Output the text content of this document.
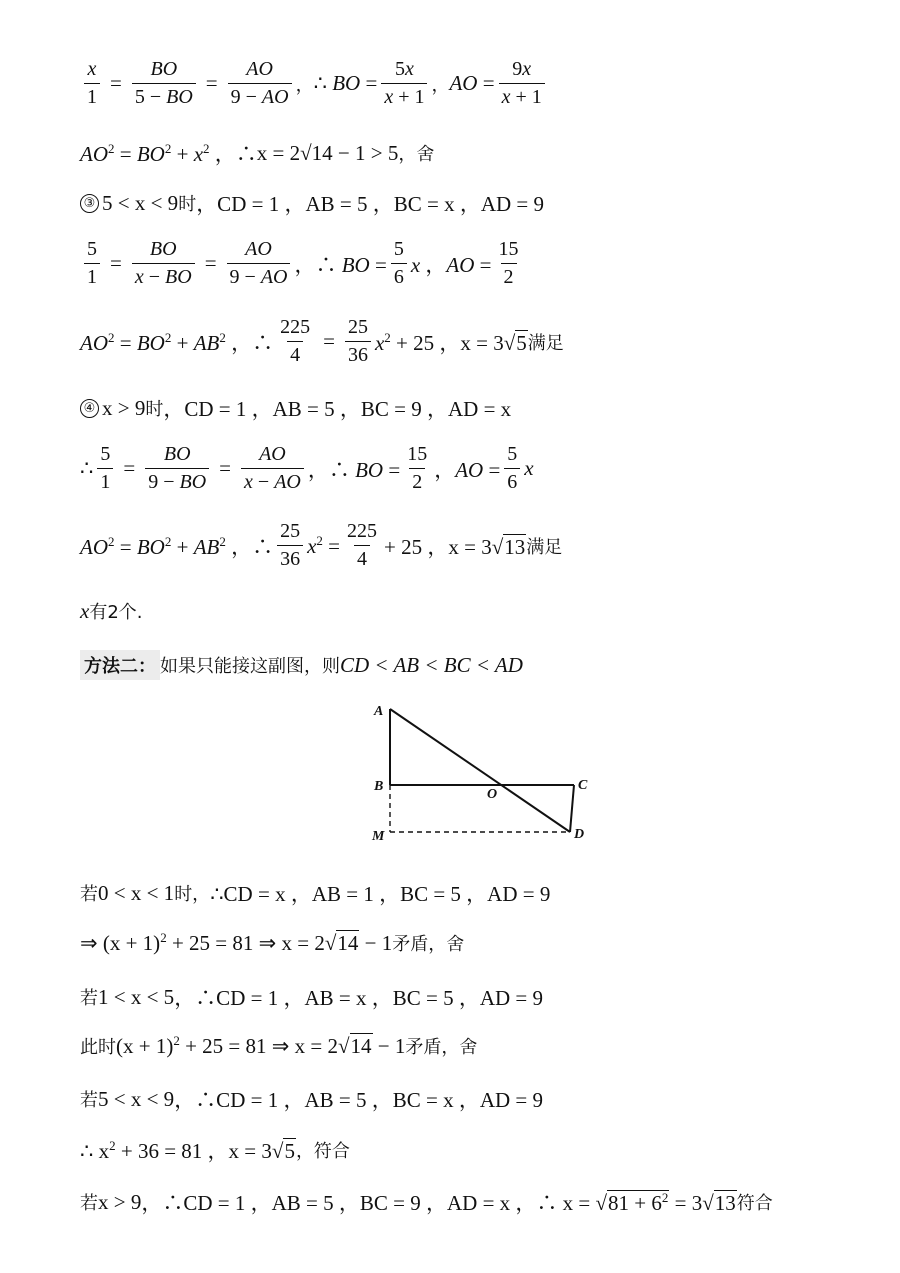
$\frac{x}{1} = \frac{BO}{5 - BO} = \frac{AO}{9 - AO}$ ， ∴ BO = $\frac{5x}{x + 1}$ ， AO = $\frac{9x}{x + 1}$
$AO^2 = BO^2 + x^2$ ，∴ x = 2√14 − 1 > 5 ，舍
③ 5 < x < 9 时 ，CD = 1 ，AB = 5 ，BC = x ，AD = 9
$\frac{5}{1} = \frac{BO}{x - BO} = \frac{AO}{9 - AO}$ ，∴ BO = $\frac{5}{6}$ x ，AO = $\frac{15}{2}$
$AO^2 = BO^2 + AB^2$ ，∴ $\frac{225}{4} = \frac{25}{36} x^2 + 25$ ，x = 3√5 满足
④ x > 9 时 ，CD = 1 ，AB = 5 ，BC = 9 ，AD = x
∴ $\frac{5}{1} = \frac{BO}{9 - BO} = \frac{AO}{x - AO}$ ，∴ BO = $\frac{15}{2}$ ，AO = $\frac{5}{6}$ x
$AO^2 = BO^2 + AB^2$ ，∴ $\frac{25}{36} x^2 = \frac{225}{4} + 25$ ，x = 3√13 满足
x 有2个.
方法二： 如果只能接这副图，则 CD < AB < BC < AD
A
B	C
D
M
O
若 0 < x < 1 时， ∴CD = x ，AB = 1 ，BC = 5 ，AD = 9
⇒ $(x + 1)^2 + 25 = 81$ ⇒ x = 2√14 − 1 矛盾，舍
若 1 < x < 5 ，∴CD = 1 ，AB = x ，BC = 5 ，AD = 9
此时 $(x + 1)^2 + 25 = 81$ ⇒ x = 2√14 − 1 矛盾，舍
若 5 < x < 9 ，∴CD = 1 ，AB = 5 ，BC = x ，AD = 9
∴ $x^2 + 36 = 81$ ，x = 3√5 ，符合
若 x > 9 ，∴CD = 1 ，AB = 5 ，BC = 9 ，AD = x ，∴ $x = √81 + 6^2 = 3√13$ 符合
